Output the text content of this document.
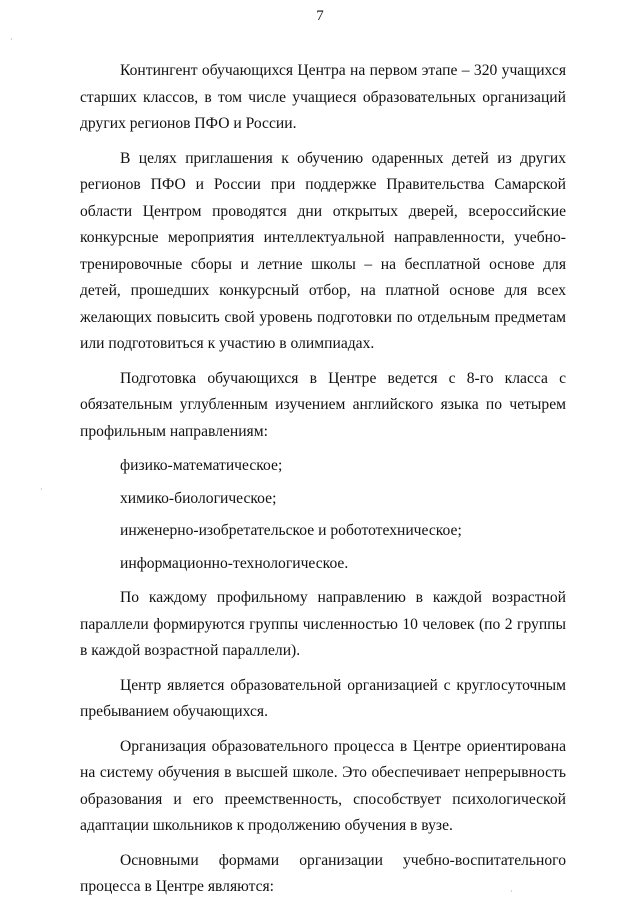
7

Контингент обучающихся Центра на первом этапе – 320 учащихся старших классов, в том числе учащиеся образовательных организаций других регионов ПФО и России.

В целях приглашения к обучению одаренных детей из других регионов ПФО и России при поддержке Правительства Самарской области Центром проводятся дни открытых дверей, всероссийские конкурсные мероприятия интеллектуальной направленности, учебно-тренировочные сборы и летние школы – на бесплатной основе для детей, прошедших конкурсный отбор, на платной основе для всех желающих повысить свой уровень подготовки по отдельным предметам или подготовиться к участию в олимпиадах.

Подготовка обучающихся в Центре ведется с 8-го класса с обязательным углубленным изучением английского языка по четырем профильным направлениям:

физико-математическое;
химико-биологическое;
инженерно-изобретательское и робототехническое;
информационно-технологическое.

По каждому профильному направлению в каждой возрастной параллели формируются группы численностью 10 человек (по 2 группы в каждой возрастной параллели).

Центр является образовательной организацией с круглосуточным пребыванием обучающихся.

Организация образовательного процесса в Центре ориентирована на систему обучения в высшей школе. Это обеспечивает непрерывность образования и его преемственность, способствует психологической адаптации школьников к продолжению обучения в вузе.

Основными формами организации учебно-воспитательного процесса в Центре являются:

·
·
·
